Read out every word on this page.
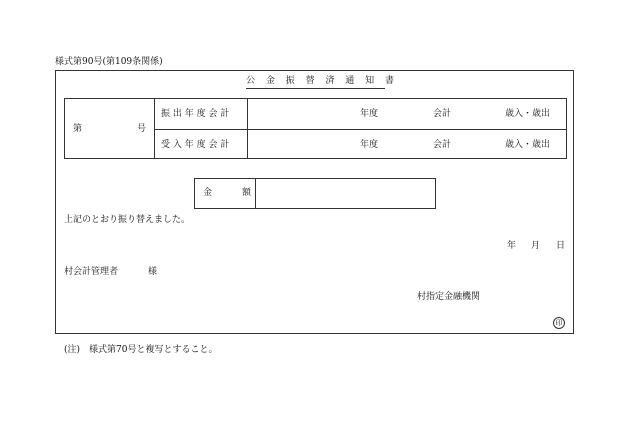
様式第90号(第109条関係)
公 金 振 替 済 通 知 書
第	号
振 出 年 度 会 計	年度	会計	歳入・歳出
受 入 年 度 会 計	年度	会計	歳入・歳出
金	額
上記のとおり振り替えました。
年 月 日
村会計管理者	様
村指定金融機関
印
(注)　様式第70号と複写とすること。
